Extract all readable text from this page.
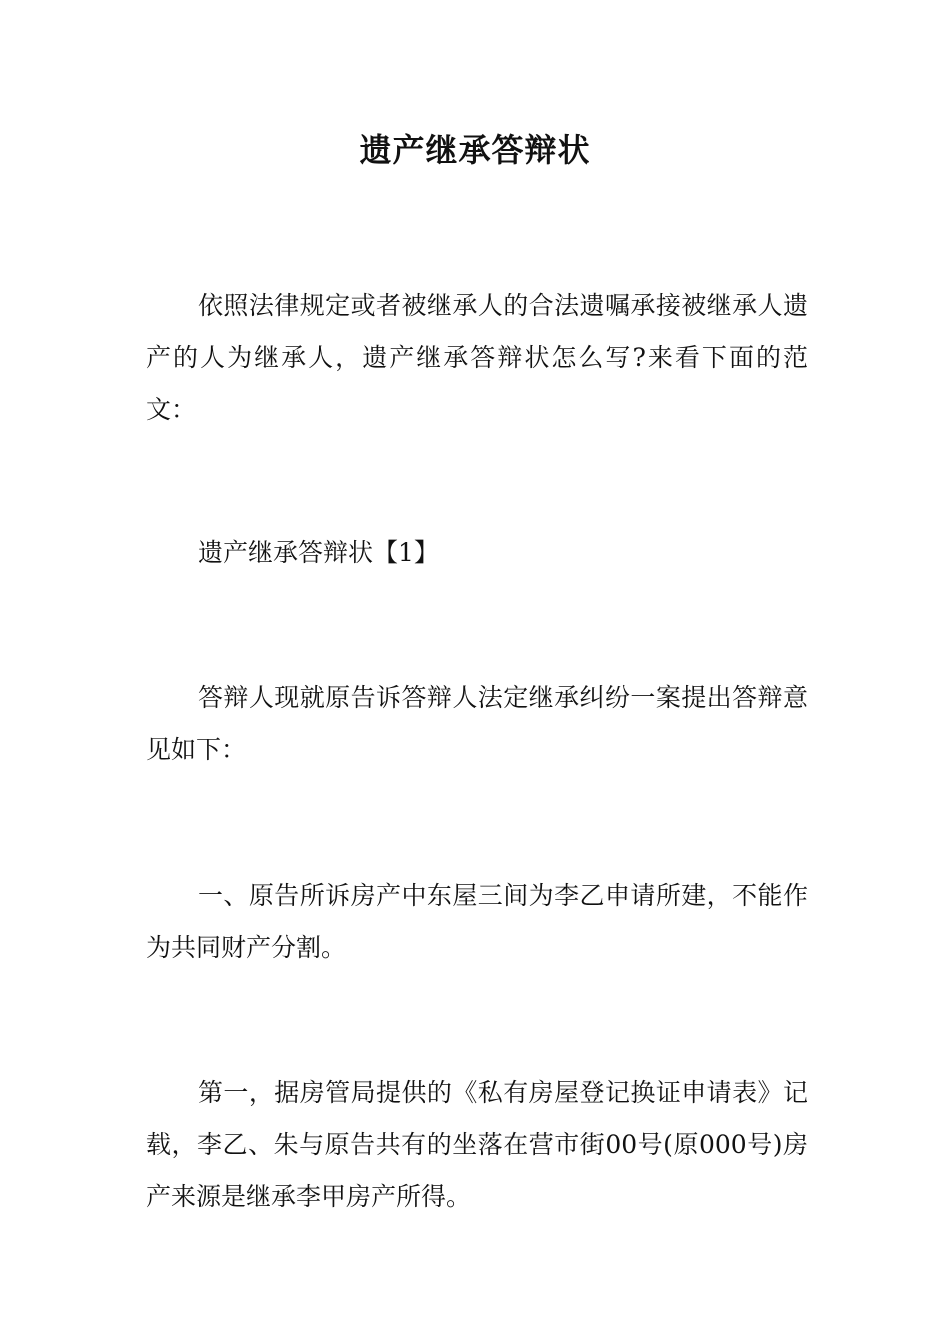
遗产继承答辩状

依照法律规定或者被继承人的合法遗嘱承接被继承人遗产的人为继承人，遗产继承答辩状怎么写?来看下面的范文：

遗产继承答辩状【1】

答辩人现就原告诉答辩人法定继承纠纷一案提出答辩意见如下：

一、原告所诉房产中东屋三间为李乙申请所建，不能作为共同财产分割。

第一，据房管局提供的《私有房屋登记换证申请表》记载，李乙、朱与原告共有的坐落在营市街00号(原000号)房产来源是继承李甲房产所得。
